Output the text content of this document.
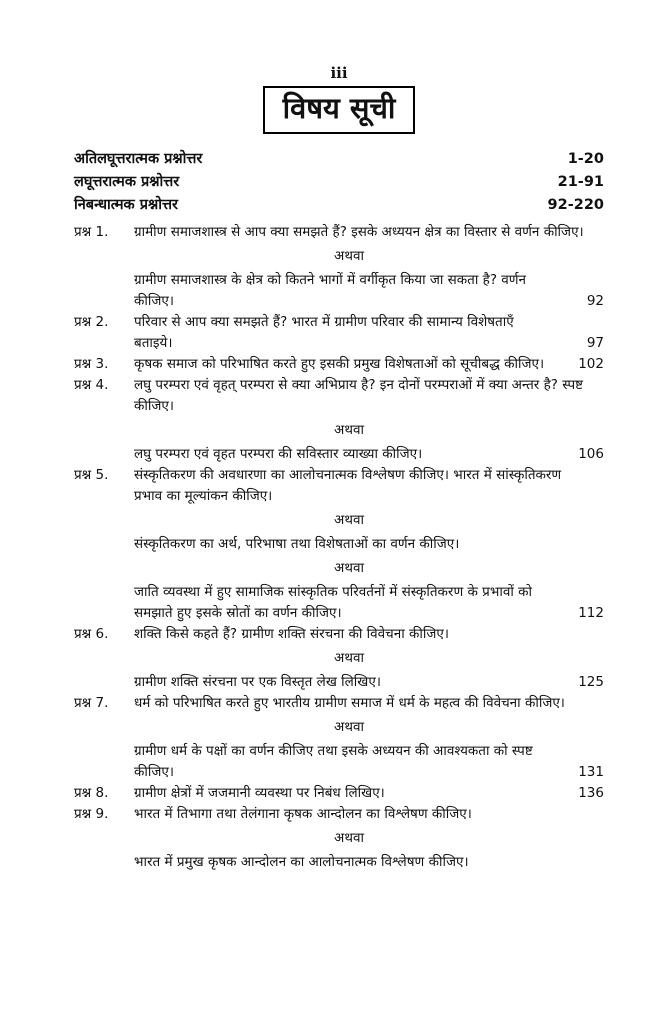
iii
विषय सूची
अतिलघूत्तरात्मक प्रश्नोत्तर	1-20
लघूत्तरात्मक प्रश्नोत्तर	21-91
निबन्धात्मक प्रश्नोत्तर	92-220
प्रश्न 1.	ग्रामीण समाजशास्त्र से आप क्या समझते हैं? इसके अध्ययन क्षेत्र का विस्तार से वर्णन कीजिए।
अथवा
ग्रामीण समाजशास्त्र के क्षेत्र को कितने भागों में वर्गीकृत किया जा सकता है? वर्णन कीजिए।	92
प्रश्न 2.	परिवार से आप क्या समझते हैं? भारत में ग्रामीण परिवार की सामान्य विशेषताएँ बताइये।	97
प्रश्न 3.	कृषक समाज को परिभाषित करते हुए इसकी प्रमुख विशेषताओं को सूचीबद्ध कीजिए।	102
प्रश्न 4.	लघु परम्परा एवं वृहत् परम्परा से क्या अभिप्राय है? इन दोनों परम्पराओं में क्या अन्तर है? स्पष्ट कीजिए।
अथवा
लघु परम्परा एवं वृहत परम्परा की सविस्तार व्याख्या कीजिए।	106
प्रश्न 5.	संस्कृतिकरण की अवधारणा का आलोचनात्मक विश्लेषण कीजिए। भारत में सांस्कृतिकरण प्रभाव का मूल्यांकन कीजिए।
अथवा
संस्कृतिकरण का अर्थ, परिभाषा तथा विशेषताओं का वर्णन कीजिए।
अथवा
जाति व्यवस्था में हुए सामाजिक सांस्कृतिक परिवर्तनों में संस्कृतिकरण के प्रभावों को समझाते हुए इसके स्रोतों का वर्णन कीजिए।	112
प्रश्न 6.	शक्ति किसे कहते हैं? ग्रामीण शक्ति संरचना की विवेचना कीजिए।
अथवा
ग्रामीण शक्ति संरचना पर एक विस्तृत लेख लिखिए।	125
प्रश्न 7.	धर्म को परिभाषित करते हुए भारतीय ग्रामीण समाज में धर्म के महत्व की विवेचना कीजिए।
अथवा
ग्रामीण धर्म के पक्षों का वर्णन कीजिए तथा इसके अध्ययन की आवश्यकता को स्पष्ट कीजिए।	131
प्रश्न 8.	ग्रामीण क्षेत्रों में जजमानी व्यवस्था पर निबंध लिखिए।	136
प्रश्न 9.	भारत में तिभागा तथा तेलंगाना कृषक आन्दोलन का विश्लेषण कीजिए।
अथवा
भारत में प्रमुख कृषक आन्दोलन का आलोचनात्मक विश्लेषण कीजिए।
